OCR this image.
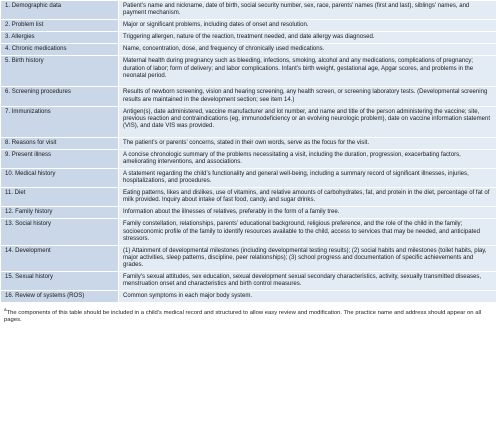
1. Demographic data	Patient’s name and nickname, date of birth, social security number, sex, race, parents’ names (first and last), siblings’ names, and payment mechanism.
2. Problem list	Major or significant problems, including dates of onset and resolution.
3. Allergies	Triggering allergen, nature of the reaction, treatment needed, and date allergy was diagnosed.
4. Chronic medications	Name, concentration, dose, and frequency of chronically used medications.
5. Birth history	Maternal health during pregnancy such as bleeding, infections, smoking, alcohol and any medications, complications of pregnancy; duration of labor; form of delivery; and labor complications. Infant’s birth weight, gestational age, Apgar scores, and problems in the neonatal period.
6. Screening procedures	Results of newborn screening, vision and hearing screening, any health screen, or screening laboratory tests. (Developmental screening results are maintained in the development section; see item 14.)
7. Immunizations	Antigen(s), date administered, vaccine manufacturer and lot number, and name and title of the person administering the vaccine; site, previous reaction and contraindications (eg, immunodeficiency or an evolving neurologic problem), date on vaccine information statement (VIS), and date VIS was provided.
8. Reasons for visit	The patient’s or parents’ concerns, stated in their own words, serve as the focus for the visit.
9. Present illness	A concise chronologic summary of the problems necessitating a visit, including the duration, progression, exacerbating factors, ameliorating interventions, and associations.
10. Medical history	A statement regarding the child’s functionality and general well-being, including a summary record of significant illnesses, injuries, hospitalizations, and procedures.
11. Diet	Eating patterns, likes and dislikes, use of vitamins, and relative amounts of carbohydrates, fat, and protein in the diet, percentage of fat of milk provided. Inquiry about intake of fast food, candy, and sugar drinks.
12. Family history	Information about the illnesses of relatives, preferably in the form of a family tree.
13. Social history	Family constellation, relationships, parents’ educational background, religious preference, and the role of the child in the family; socioeconomic profile of the family to identify resources available to the child, access to services that may be needed, and anticipated stressors.
14. Development	(1) Attainment of developmental milestones (including developmental testing results); (2) social habits and milestones (toilet habits, play, major activities, sleep patterns, discipline, peer relationships); (3) school progress and documentation of specific achievements and grades.
15. Sexual history	Family’s sexual attitudes, sex education, sexual development sexual secondary characteristics, activity, sexually transmitted diseases, menstruation onset and characteristics and birth control measures.
16. Review of systems (ROS)	Common symptoms in each major body system.
$^a$The components of this table should be included in a child’s medical record and structured to allow easy review and modification. The practice name and address should appear on all pages.
